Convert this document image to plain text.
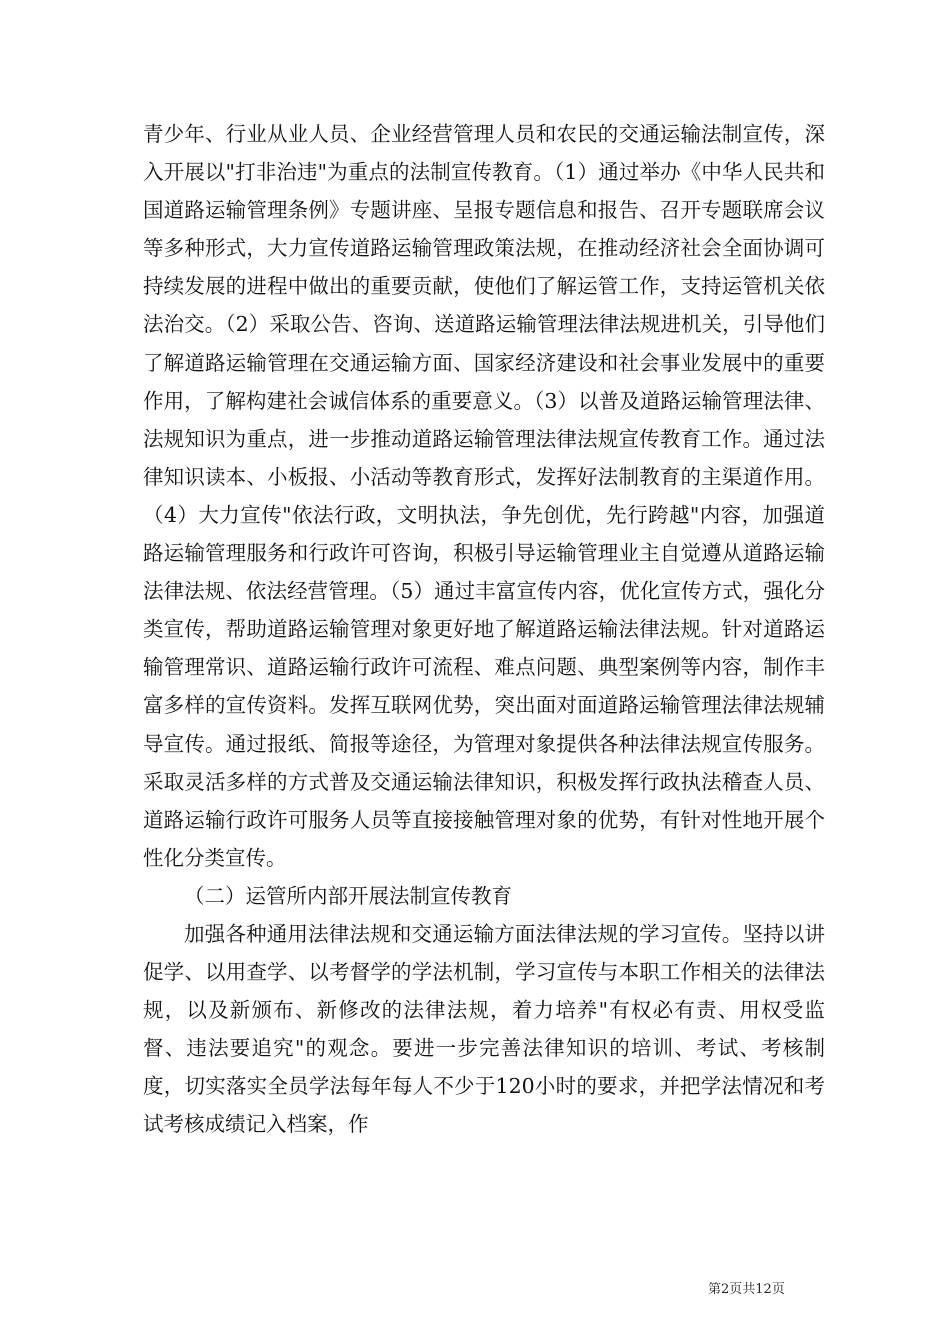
青少年、行业从业人员、企业经营管理人员和农民的交通运输法制宣传，深入开展以"打非治违"为重点的法制宣传教育。（1）通过举办《中华人民共和国道路运输管理条例》专题讲座、呈报专题信息和报告、召开专题联席会议等多种形式，大力宣传道路运输管理政策法规，在推动经济社会全面协调可持续发展的进程中做出的重要贡献，使他们了解运管工作，支持运管机关依法治交。（2）采取公告、咨询、送道路运输管理法律法规进机关，引导他们了解道路运输管理在交通运输方面、国家经济建设和社会事业发展中的重要作用，了解构建社会诚信体系的重要意义。（3）以普及道路运输管理法律、法规知识为重点，进一步推动道路运输管理法律法规宣传教育工作。通过法律知识读本、小板报、小活动等教育形式，发挥好法制教育的主渠道作用。（4）大力宣传"依法行政，文明执法，争先创优，先行跨越"内容，加强道路运输管理服务和行政许可咨询，积极引导运输管理业主自觉遵从道路运输法律法规、依法经营管理。（5）通过丰富宣传内容，优化宣传方式，强化分类宣传，帮助道路运输管理对象更好地了解道路运输法律法规。针对道路运输管理常识、道路运输行政许可流程、难点问题、典型案例等内容，制作丰富多样的宣传资料。发挥互联网优势，突出面对面道路运输管理法律法规辅导宣传。通过报纸、简报等途径，为管理对象提供各种法律法规宣传服务。采取灵活多样的方式普及交通运输法律知识，积极发挥行政执法稽查人员、道路运输行政许可服务人员等直接接触管理对象的优势，有针对性地开展个性化分类宣传。

（二）运管所内部开展法制宣传教育

加强各种通用法律法规和交通运输方面法律法规的学习宣传。坚持以讲促学、以用查学、以考督学的学法机制，学习宣传与本职工作相关的法律法规，以及新颁布、新修改的法律法规，着力培养"有权必有责、用权受监督、违法要追究"的观念。要进一步完善法律知识的培训、考试、考核制度，切实落实全员学法每年每人不少于120小时的要求，并把学法情况和考试考核成绩记入档案，作

第2页共12页
